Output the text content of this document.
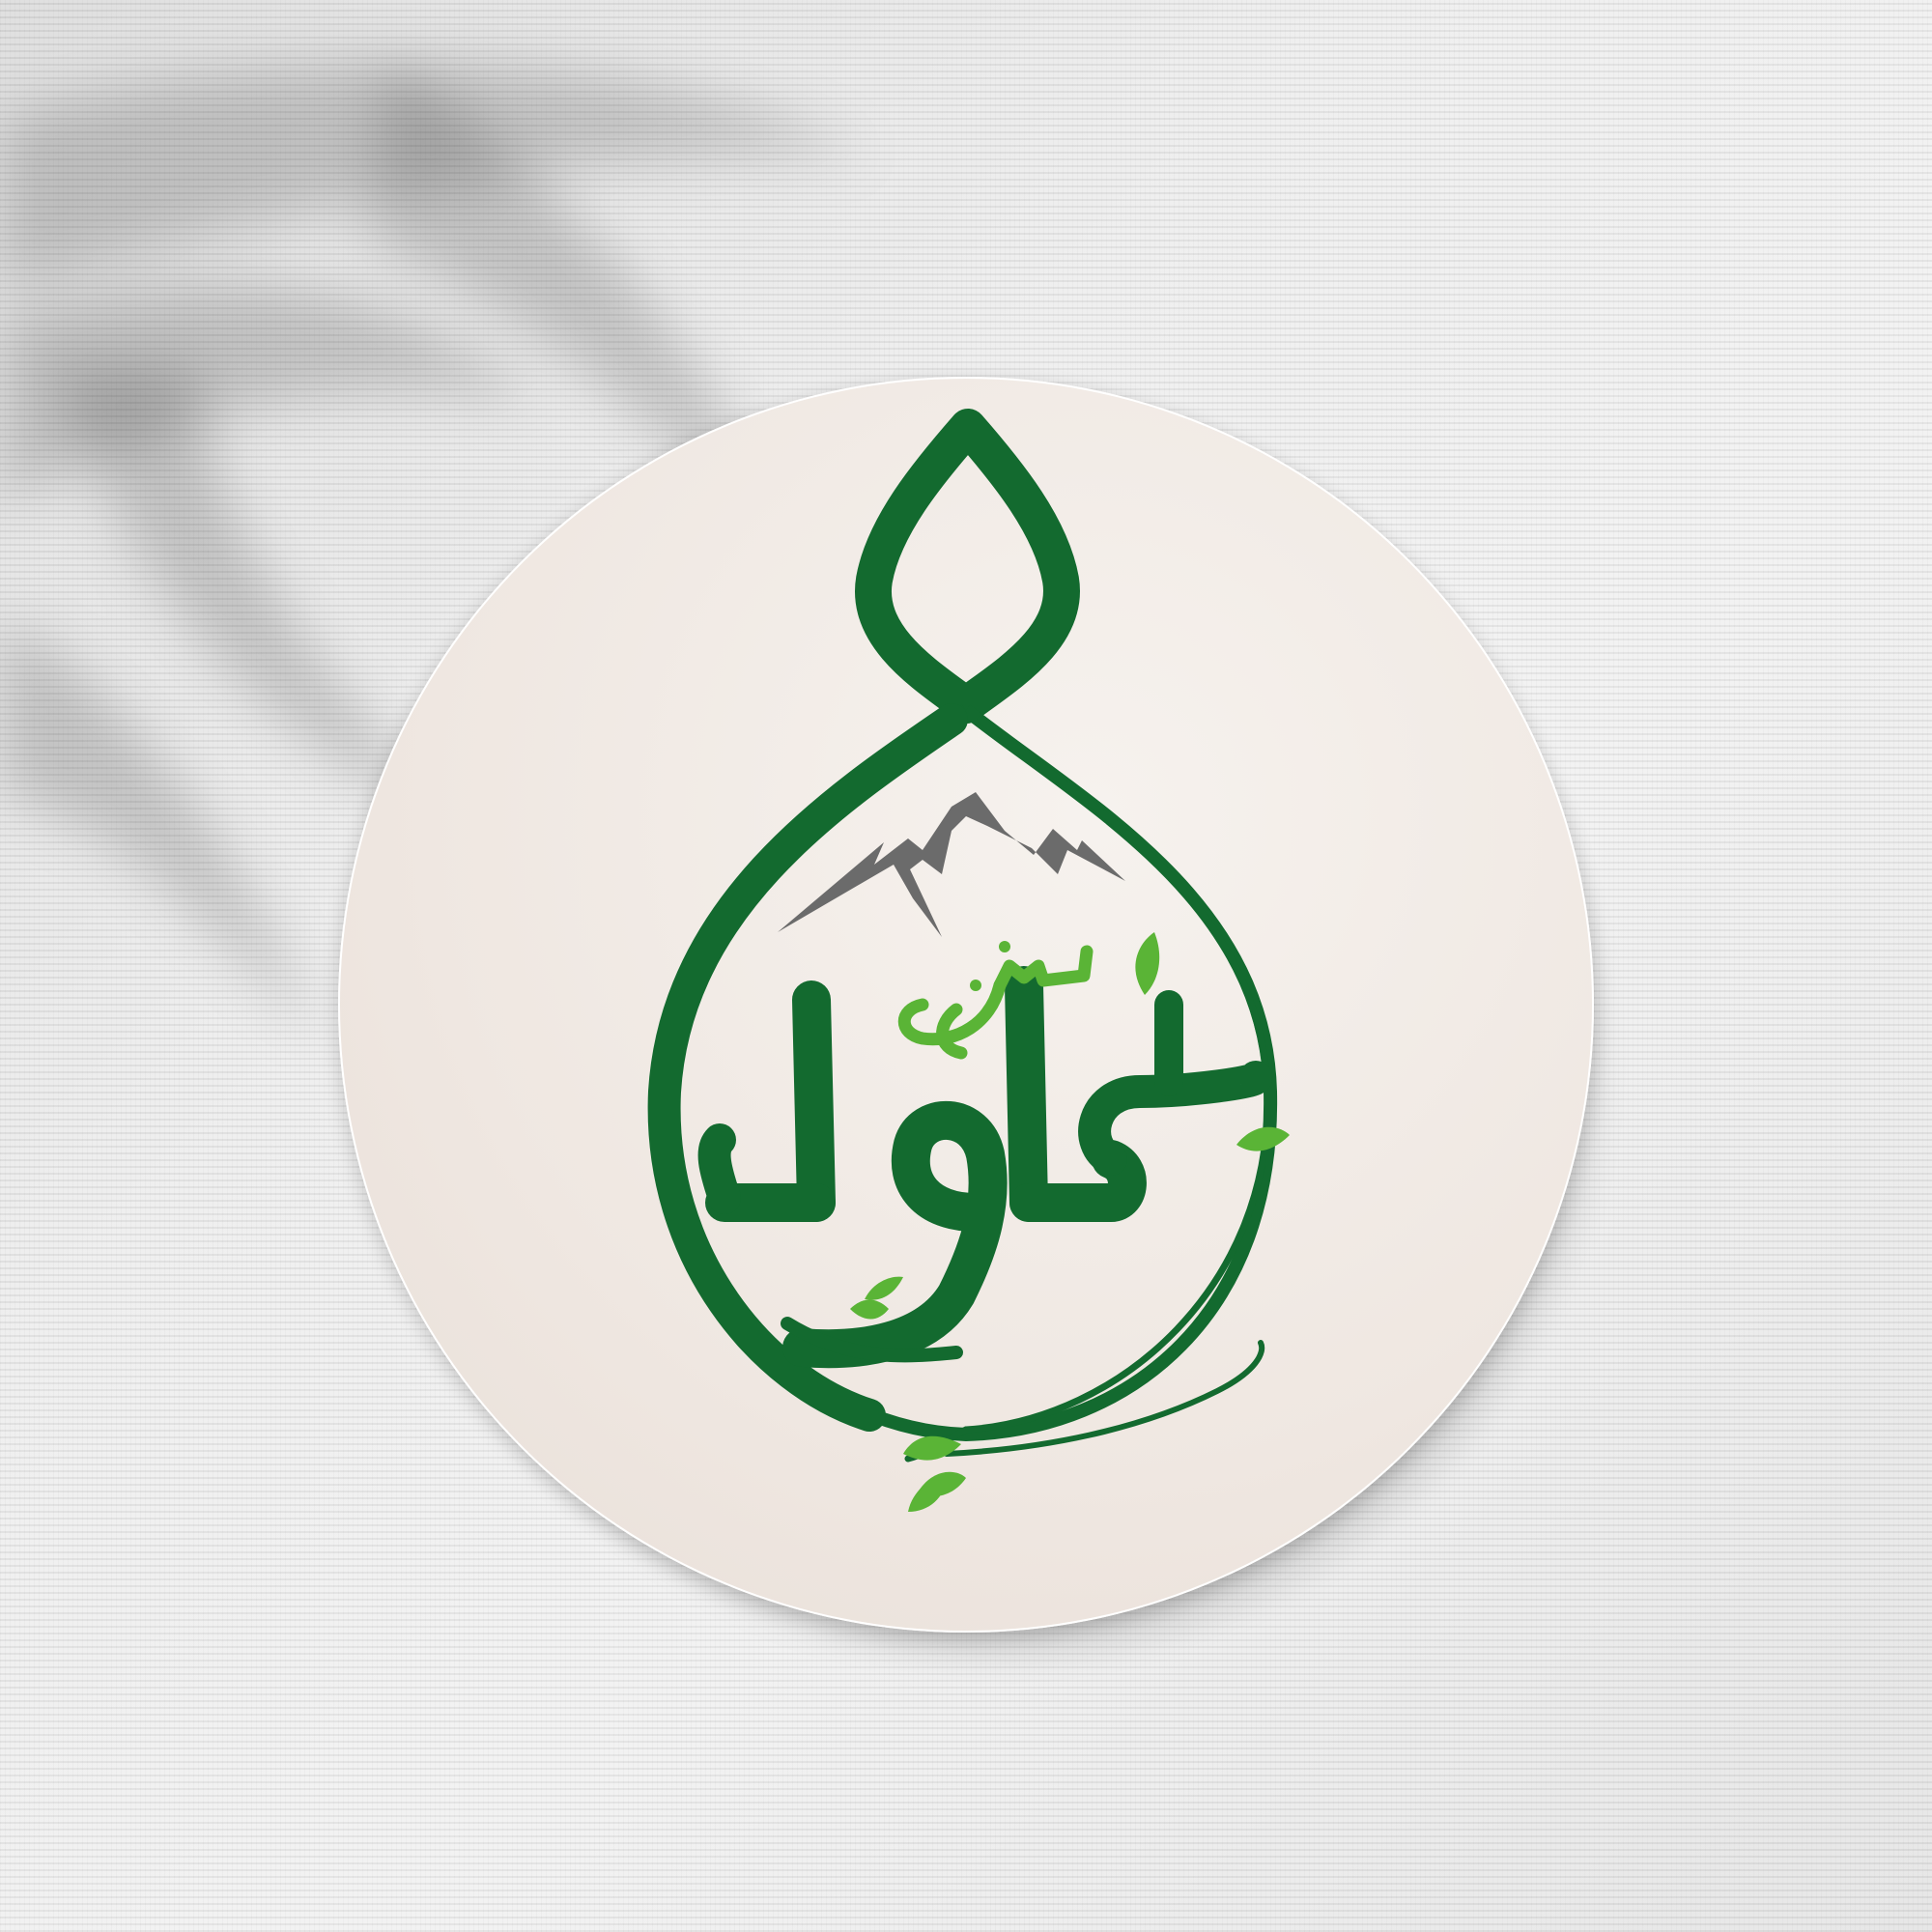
بني وليد
منتزي
